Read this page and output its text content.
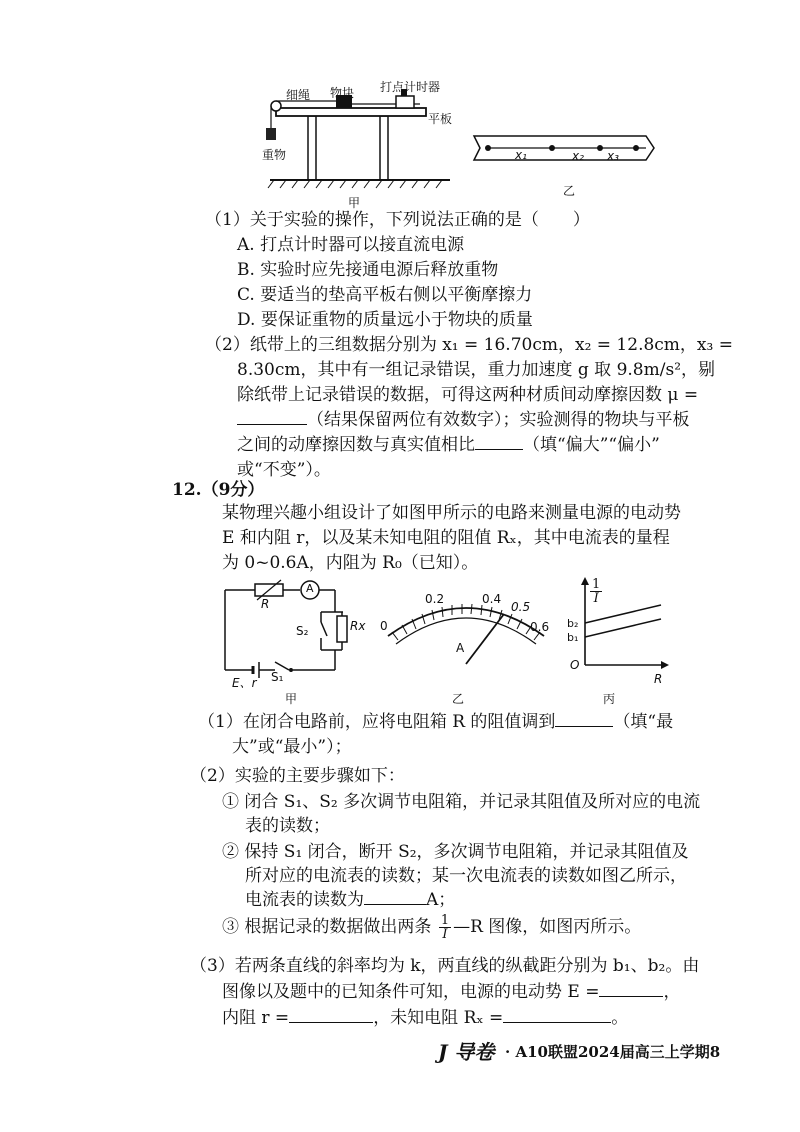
细绳 物块 打点计时器
平板
重物
甲
x₁	x₂ x₃
乙
（1）关于实验的操作，下列说法正确的是（　　）
A. 打点计时器可以接直流电源
B. 实验时应先接通电源后释放重物
C. 要适当的垫高平板右侧以平衡摩擦力
D. 要保证重物的质量远小于物块的质量
（2）纸带上的三组数据分别为 x₁ = 16.70cm，x₂ = 12.8cm，x₃ =
8.30cm，其中有一组记录错误，重力加速度 g 取 9.8m/s²，剔
除纸带上记录错误的数据，可得这两种材质间动摩擦因数 μ =
（结果保留两位有效数字）；实验测得的物块与平板
之间的动摩擦因数与真实值相比	（填“偏大”“偏小”
或“不变”）。
12.（9分）
某物理兴趣小组设计了如图甲所示的电路来测量电源的电动势
E 和内阻 r，以及某未知电阻的阻值 Rₓ，其中电流表的量程
为 0~0.6A，内阻为 R₀（已知）。
R
A
S₂	Rx
E、r S₁
甲
0
0.2	0.4
0.5
0.6
A
乙
$\frac{1}{I}$
b₂
b₁
O
R
丙
（1）在闭合电路前，应将电阻箱 R 的阻值调到	（填“最
大”或“最小”）；
（2）实验的主要步骤如下：
① 闭合 S₁、S₂ 多次调节电阻箱，并记录其阻值及所对应的电流
表的读数；
② 保持 S₁ 闭合，断开 S₂，多次调节电阻箱，并记录其阻值及
所对应的电流表的读数；某一次电流表的读数如图乙所示，
电流表的读数为	A；
③ 根据记录的数据做出两条 $\frac{1}{I}$ —R 图像，如图丙所示。
（3）若两条直线的斜率均为 k，两直线的纵截距分别为 b₁、b₂。由
图像以及题中的已知条件可知，电源的电动势 E =	，
内阻 r =	，未知电阻 Rₓ =	。
J 导卷 · A10联盟2024届高三上学期8
